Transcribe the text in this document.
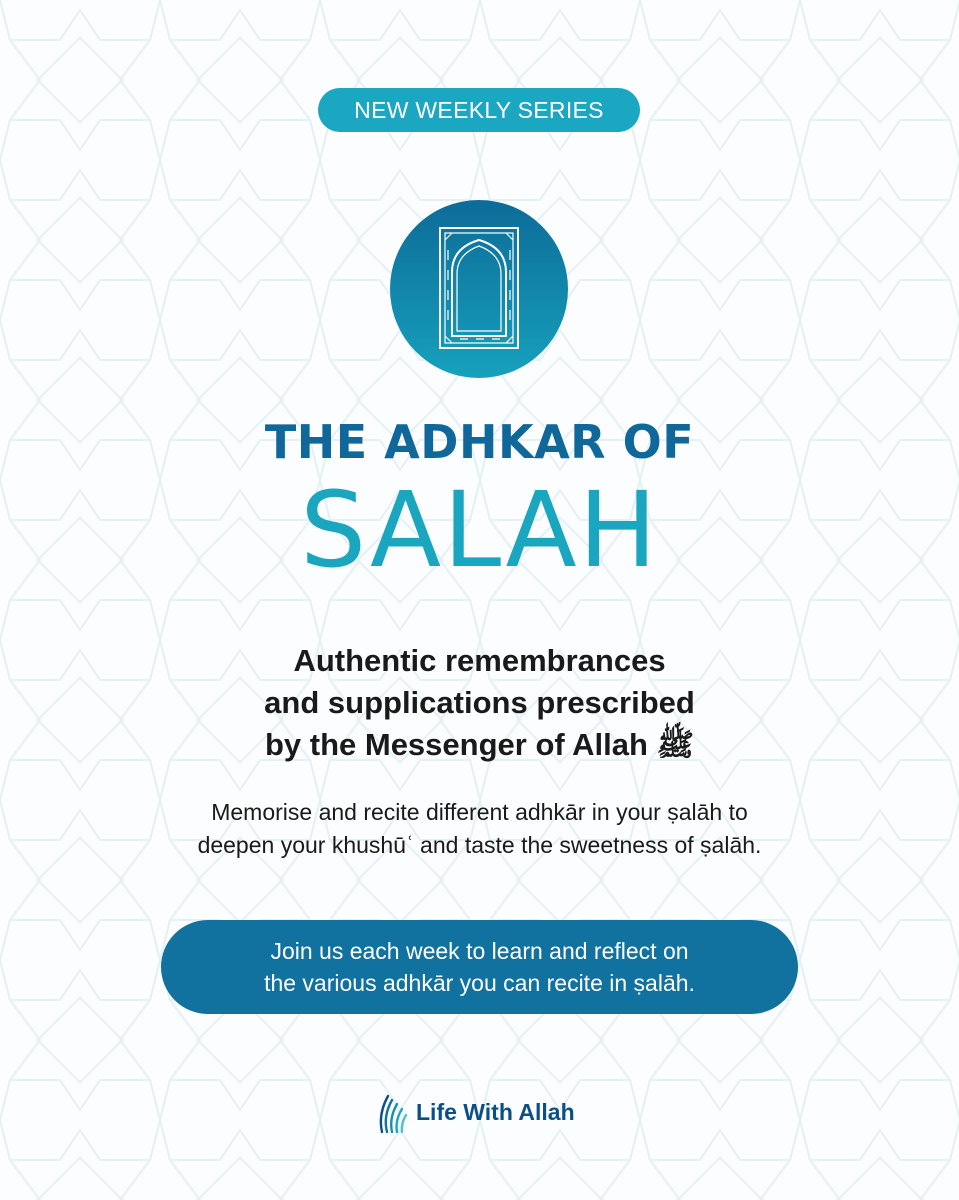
NEW WEEKLY SERIES
THE ADHKAR OF
SALAH
Authentic remembrances
and supplications prescribed
by the Messenger of Allah ﷺ
Memorise and recite different adhkār in your ṣalāh to
deepen your khushūʿ and taste the sweetness of ṣalāh.
Join us each week to learn and reflect on
the various adhkār you can recite in ṣalāh.
Life With Allah
